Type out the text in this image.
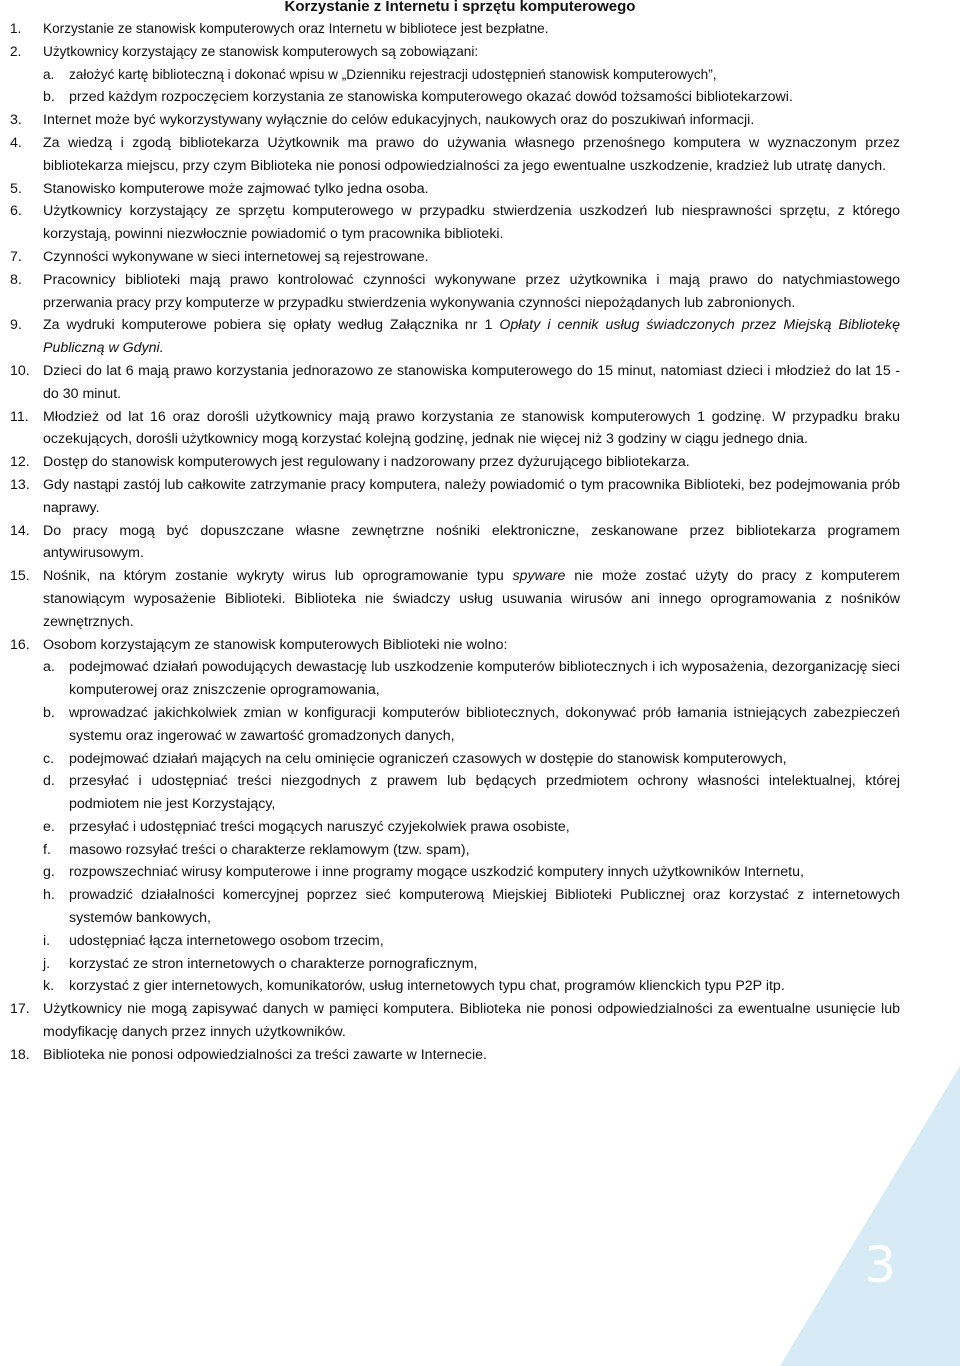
3
Korzystanie z Internetu i sprzętu komputerowego
1.	Korzystanie ze stanowisk komputerowych oraz Internetu w bibliotece jest bezpłatne.
2.	Użytkownicy korzystający ze stanowisk komputerowych są zobowiązani:
a. założyć kartę biblioteczną i dokonać wpisu w „Dzienniku rejestracji udostępnień stanowisk komputerowych”,
b. przed każdym rozpoczęciem korzystania ze stanowiska komputerowego okazać dowód tożsamości bibliotekarzowi.
3.	Internet może być wykorzystywany wyłącznie do celów edukacyjnych, naukowych oraz do poszukiwań informacji.
4.	Za wiedzą i zgodą bibliotekarza Użytkownik ma prawo do używania własnego przenośnego komputera w wyznaczonym przez bibliotekarza miejscu, przy czym Biblioteka nie ponosi odpowiedzialności za jego ewentualne uszkodzenie, kradzież lub utratę danych.
5.	Stanowisko komputerowe może zajmować tylko jedna osoba.
6.	Użytkownicy korzystający ze sprzętu komputerowego w przypadku stwierdzenia uszkodzeń lub niesprawności sprzętu, z którego korzystają, powinni niezwłocznie powiadomić o tym pracownika biblioteki.
7.	Czynności wykonywane w sieci internetowej są rejestrowane.
8.	Pracownicy biblioteki mają prawo kontrolować czynności wykonywane przez użytkownika i mają prawo do natychmiastowego przerwania pracy przy komputerze w przypadku stwierdzenia wykonywania czynności niepożądanych lub zabronionych.
9.	Za wydruki komputerowe pobiera się opłaty według Załącznika nr 1 Opłaty i cennik usług świadczonych przez Miejską Bibliotekę Publiczną w Gdyni.
10. Dzieci do lat 6 mają prawo korzystania jednorazowo ze stanowiska komputerowego do 15 minut, natomiast dzieci i młodzież do lat 15 - do 30 minut.
11.	Młodzież od lat 16 oraz dorośli użytkownicy mają prawo korzystania ze stanowisk komputerowych 1 godzinę. W przypadku braku oczekujących, dorośli użytkownicy mogą korzystać kolejną godzinę, jednak nie więcej niż 3 godziny w ciągu jednego dnia.
12. Dostęp do stanowisk komputerowych jest regulowany i nadzorowany przez dyżurującego bibliotekarza.
13. Gdy nastąpi zastój lub całkowite zatrzymanie pracy komputera, należy powiadomić o tym pracownika Biblioteki, bez podejmowania prób naprawy.
14. Do pracy mogą być dopuszczane własne zewnętrzne nośniki elektroniczne, zeskanowane przez bibliotekarza programem antywirusowym.
15. Nośnik, na którym zostanie wykryty wirus lub oprogramowanie typu spyware nie może zostać użyty do pracy z komputerem stanowiącym wyposażenie Biblioteki. Biblioteka nie świadczy usług usuwania wirusów ani innego oprogramowania z nośników zewnętrznych.
16. Osobom korzystającym ze stanowisk komputerowych Biblioteki nie wolno:
a. podejmować działań powodujących dewastację lub uszkodzenie komputerów bibliotecznych i ich wyposażenia, dezorganizację sieci komputerowej oraz zniszczenie oprogramowania,
b. wprowadzać jakichkolwiek zmian w konfiguracji komputerów bibliotecznych, dokonywać prób łamania istniejących zabezpieczeń systemu oraz ingerować w zawartość gromadzonych danych,
c. podejmować działań mających na celu ominięcie ograniczeń czasowych w dostępie do stanowisk komputerowych,
d. przesyłać i udostępniać treści niezgodnych z prawem lub będących przedmiotem ochrony własności intelektualnej, której podmiotem nie jest Korzystający,
e. przesyłać i udostępniać treści mogących naruszyć czyjekolwiek prawa osobiste,
f. masowo rozsyłać treści o charakterze reklamowym (tzw. spam),
g. rozpowszechniać wirusy komputerowe i inne programy mogące uszkodzić komputery innych użytkowników Internetu,
h. prowadzić działalności komercyjnej poprzez sieć komputerową Miejskiej Biblioteki Publicznej oraz korzystać z internetowych systemów bankowych,
i. udostępniać łącza internetowego osobom trzecim,
j. korzystać ze stron internetowych o charakterze pornograficznym,
k. korzystać z gier internetowych, komunikatorów, usług internetowych typu chat, programów klienckich typu P2P itp.
17. Użytkownicy nie mogą zapisywać danych w pamięci komputera. Biblioteka nie ponosi odpowiedzialności za ewentualne usunięcie lub modyfikację danych przez innych użytkowników.
18. Biblioteka nie ponosi odpowiedzialności za treści zawarte w Internecie.
